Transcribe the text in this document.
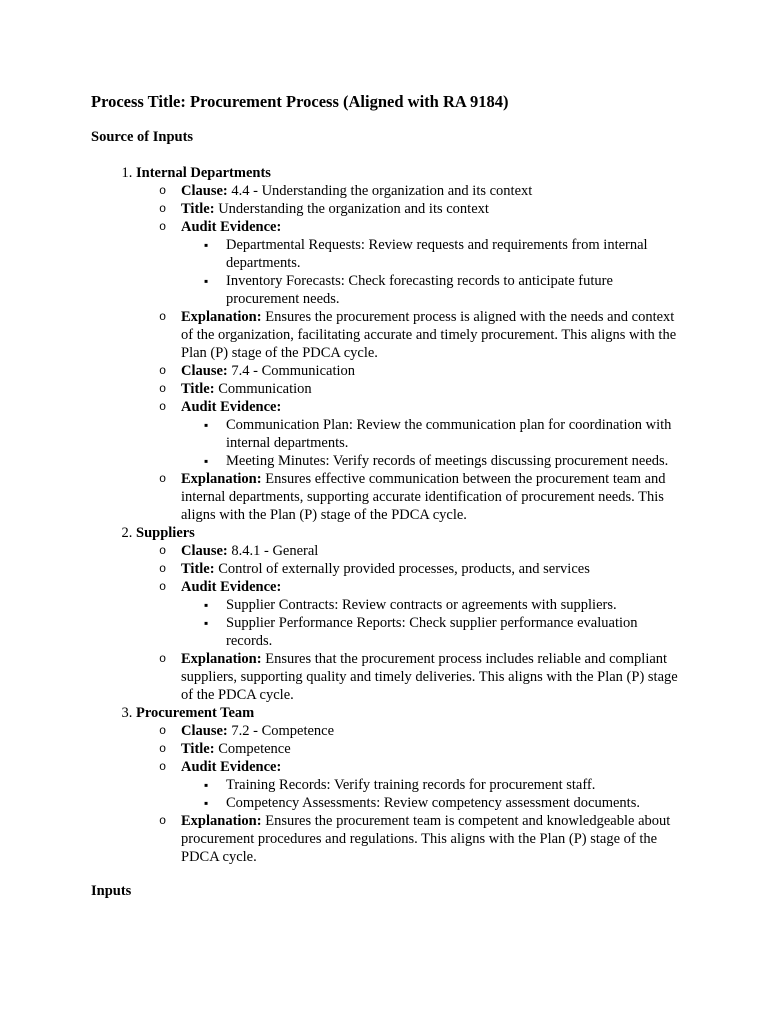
Process Title: Procurement Process (Aligned with RA 9184)
Source of Inputs
1. Internal Departments
o Clause: 4.4 - Understanding the organization and its context
o Title: Understanding the organization and its context
o Audit Evidence:
▪ Departmental Requests: Review requests and requirements from internal departments.
▪ Inventory Forecasts: Check forecasting records to anticipate future procurement needs.
o Explanation: Ensures the procurement process is aligned with the needs and context of the organization, facilitating accurate and timely procurement. This aligns with the Plan (P) stage of the PDCA cycle.
o Clause: 7.4 - Communication
o Title: Communication
o Audit Evidence:
▪ Communication Plan: Review the communication plan for coordination with internal departments.
▪ Meeting Minutes: Verify records of meetings discussing procurement needs.
o Explanation: Ensures effective communication between the procurement team and internal departments, supporting accurate identification of procurement needs. This aligns with the Plan (P) stage of the PDCA cycle.
2. Suppliers
o Clause: 8.4.1 - General
o Title: Control of externally provided processes, products, and services
o Audit Evidence:
▪ Supplier Contracts: Review contracts or agreements with suppliers.
▪ Supplier Performance Reports: Check supplier performance evaluation records.
o Explanation: Ensures that the procurement process includes reliable and compliant suppliers, supporting quality and timely deliveries. This aligns with the Plan (P) stage of the PDCA cycle.
3. Procurement Team
o Clause: 7.2 - Competence
o Title: Competence
o Audit Evidence:
▪ Training Records: Verify training records for procurement staff.
▪ Competency Assessments: Review competency assessment documents.
o Explanation: Ensures the procurement team is competent and knowledgeable about procurement procedures and regulations. This aligns with the Plan (P) stage of the PDCA cycle.
Inputs
